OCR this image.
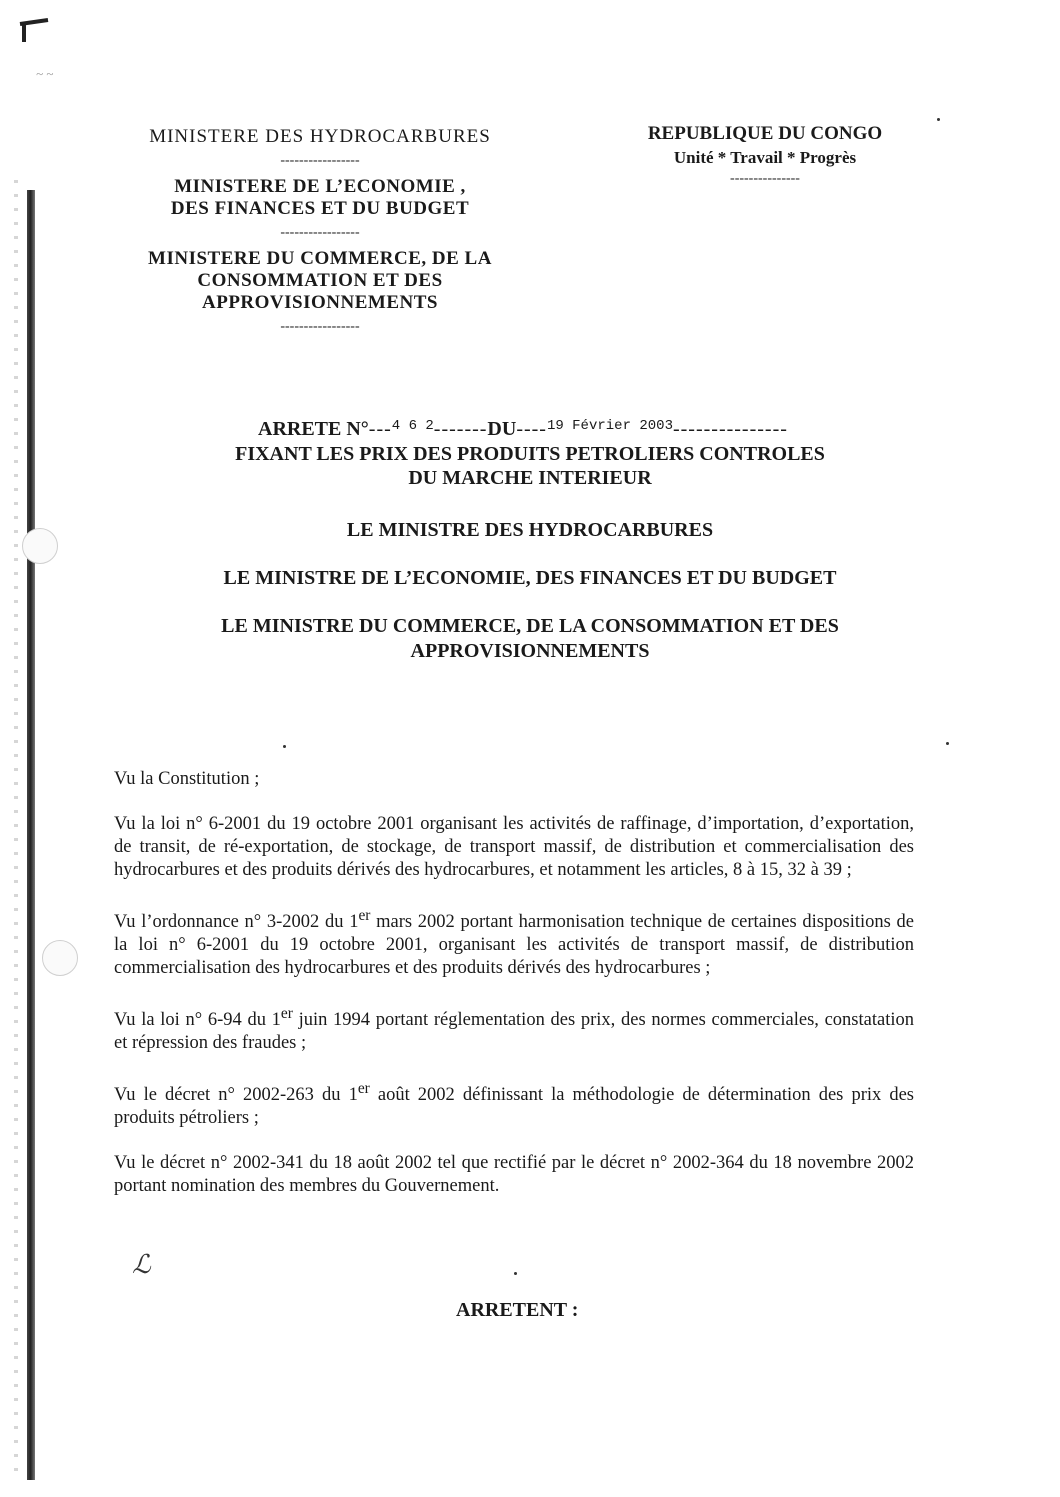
~ ~
MINISTERE DES HYDROCARBURES
-----------------
MINISTERE DE L’ECONOMIE ,
DES FINANCES ET DU BUDGET
-----------------
MINISTERE DU COMMERCE, DE LA
CONSOMMATION ET DES
APPROVISIONNEMENTS
-----------------
REPUBLIQUE DU CONGO
Unité * Travail * Progrès
---------------
ARRETE N°---$^{4 6 2}$-------DU----$^{19 Février 2003}$---------------
FIXANT LES PRIX DES PRODUITS PETROLIERS CONTROLES
DU MARCHE INTERIEUR
LE MINISTRE DES HYDROCARBURES
LE MINISTRE DE L’ECONOMIE, DES FINANCES ET DU BUDGET
LE MINISTRE DU COMMERCE, DE LA CONSOMMATION ET DES
APPROVISIONNEMENTS

Vu la Constitution ;

Vu la loi n° 6-2001 du 19 octobre 2001 organisant les activités de raffinage, d’importation, d’exportation, de transit, de ré-exportation, de stockage, de transport massif, de distribution et commercialisation des hydrocarbures et des produits dérivés des hydrocarbures, et notamment les articles, 8 à 15, 32 à 39 ;

Vu l’ordonnance n° 3-2002 du 1er mars 2002 portant harmonisation technique de certaines dispositions de la loi n° 6-2001 du 19 octobre 2001, organisant les activités de transport massif, de distribution commercialisation des hydrocarbures et des produits dérivés des hydrocarbures ;

Vu la loi n° 6-94 du 1er juin 1994 portant réglementation des prix, des normes commerciales, constatation et répression des fraudes ;

Vu le décret n° 2002-263 du 1er août 2002 définissant la méthodologie de détermination des prix des produits pétroliers ;

Vu le décret n° 2002-341 du 18 août 2002 tel que rectifié par le décret n° 2002-364 du 18 novembre 2002 portant nomination des membres du Gouvernement.

ℒ
ARRETENT :
